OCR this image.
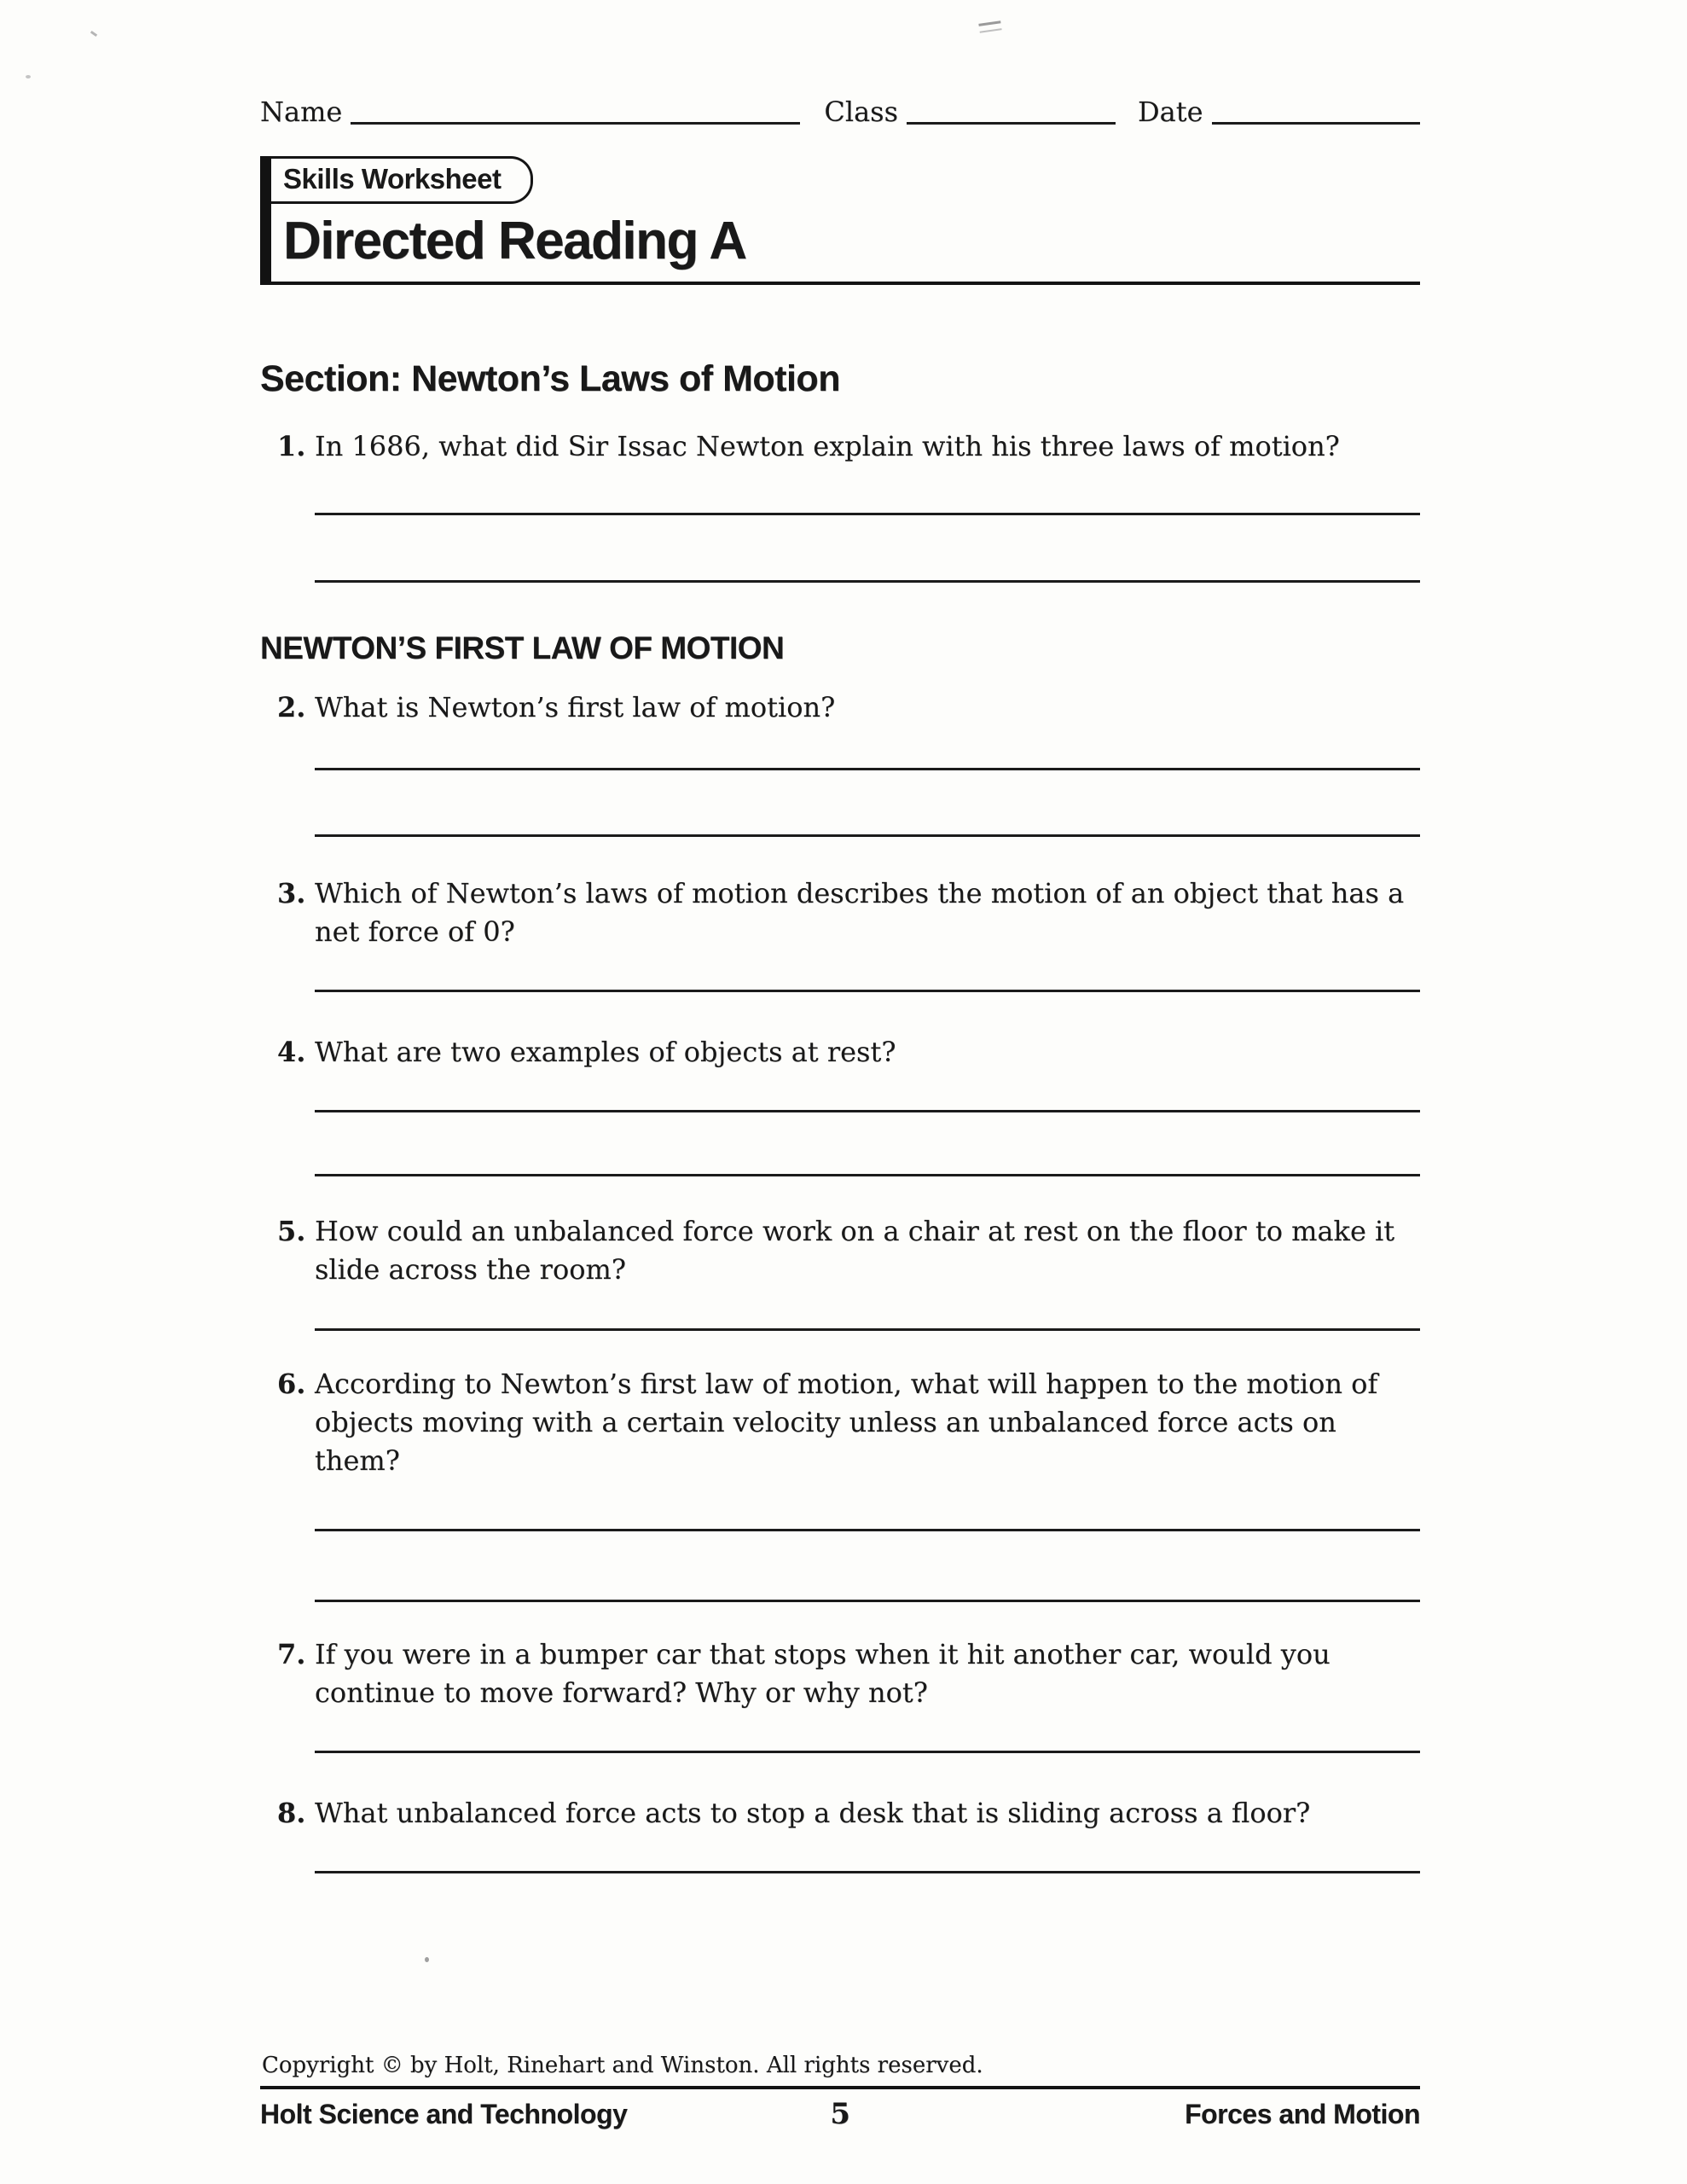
Name	Class	Date
Skills Worksheet
Directed Reading A
Section: Newton’s Laws of Motion
1. In 1686, what did Sir Issac Newton explain with his three laws of motion?
NEWTON’S FIRST LAW OF MOTION
2. What is Newton’s first law of motion?
3. Which of Newton’s laws of motion describes the motion of an object that has a net force of 0?
4. What are two examples of objects at rest?
5. How could an unbalanced force work on a chair at rest on the floor to make it slide across the room?
6. According to Newton’s first law of motion, what will happen to the motion of objects moving with a certain velocity unless an unbalanced force acts on them?
7. If you were in a bumper car that stops when it hit another car, would you continue to move forward? Why or why not?
8. What unbalanced force acts to stop a desk that is sliding across a floor?
Copyright © by Holt, Rinehart and Winston. All rights reserved.
Holt Science and Technology	5	Forces and Motion
